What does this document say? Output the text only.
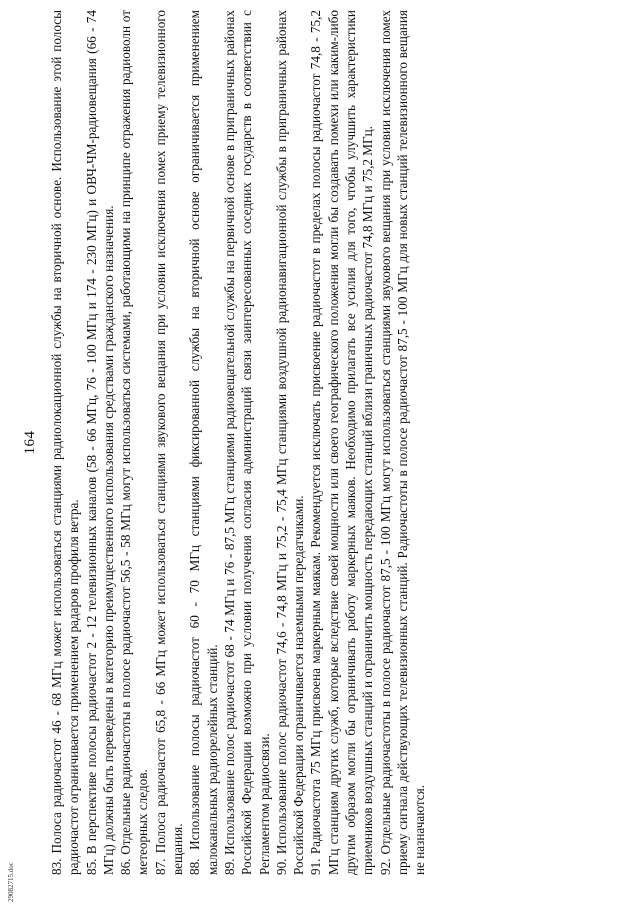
164 83. Полоса радиочастот 46 - 68 МГц может использоваться станциями радиолокационной службы на вторичной основе. Использование этой полосы радиочастот ограничивается применением радаров профиля ветра. 85. В перспективе полосы радиочастот 2 - 12 телевизионных каналов (58 - 66 МГц, 76 - 100 МГц и 174 - 230 МГц) и ОВЧ-ЧМ-радиовещания (66 - 74 МГц) должны быть переведены в категорию преимущественного использования средствами гражданского назначения. 86. Отдельные радиочастоты в полосе радиочастот 56,5 - 58 МГц могут использоваться системами, работающими на принципе отражения радиоволн от метеорных следов. 87. Полоса радиочастот 65,8 - 66 МГц может использоваться станциями звукового вещания при условии исключения помех приему телевизионного вещания. 88. Использование полосы радиочастот 60 - 70 МГц станциями фиксированной службы на вторичной основе ограничивается применением малоканальных радиорелейных станций. 89. Использование полос радиочастот 68 - 74 МГц и 76 - 87,5 МГц станциями радиовещательной службы на первичной основе в приграничных районах Российской Федерации возможно при условии получения согласия администраций связи заинтересованных соседних государств в соответствии с Регламентом радиосвязи. 90. Использование полос радиочастот 74,6 - 74,8 МГц и 75,2 - 75,4 МГц станциями воздушной радионавигационной службы в приграничных районах Российской Федерации ограничивается наземными передатчиками. 91. Радиочастота 75 МГц присвоена маркерным маякам. Рекомендуется исключать присвоение радиочастот в пределах полосы радиочастот 74,8 - 75,2 МГц станциям других служб, которые вследствие своей мощности или своего географического положения могли бы создавать помехи или каким-либо другим образом могли бы ограничивать работу маркерных маяков. Необходимо прилагать все усилия для того, чтобы улучшить характеристики приемников воздушных станций и ограничить мощность передающих станций вблизи граничных радиочастот 74,8 МГц и 75,2 МГц. 92. Отдельные радиочастоты в полосе радиочастот 87,5 - 100 МГц могут использоваться станциями звукового вещания при условии исключения помех приему сигнала действующих телевизионных станций. Радиочастоты в полосе радиочастот 87,5 - 100 МГц для новых станций телевизионного вещания не назначаются.

29082715.doc
